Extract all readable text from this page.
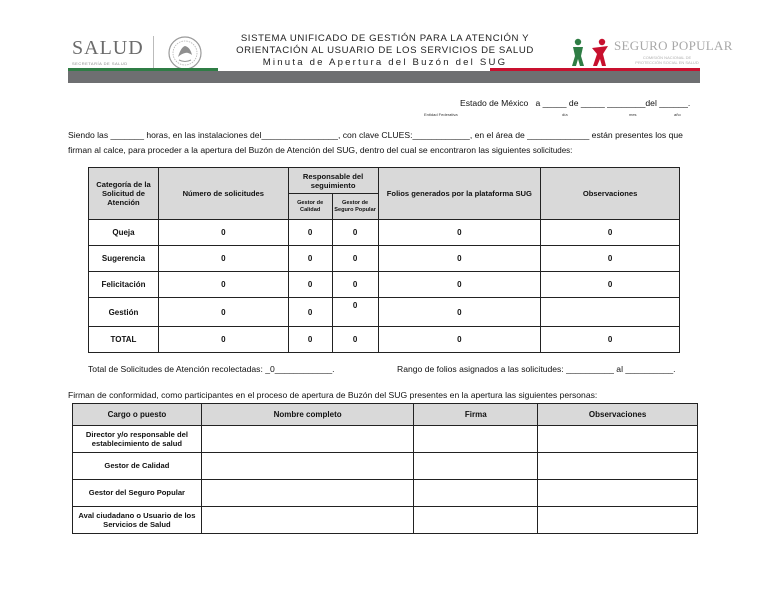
SALUD
SECRETARÍA DE SALUD
SISTEMA UNIFICADO DE GESTIÓN PARA LA ATENCIÓN Y
ORIENTACIÓN AL USUARIO DE LOS SERVICIOS DE SALUD
Minuta de Apertura del Buzón del SUG
SEGURO POPULAR
COMISIÓN NACIONAL DE PROTECCIÓN SOCIAL EN SALUD
Estado de México a _____ de _____ ________del ______.
Entidad Federativa	día	mes	año
Siendo las _______ horas, en las instalaciones del________________, con clave CLUES:____________, en el área de _____________ están presentes los que
firman al calce, para proceder a la apertura del Buzón de Atención del SUG, dentro del cual se encontraron las siguientes solicitudes:
Categoría de la Solicitud de Atención	Número de solicitudes	Responsable del seguimiento		Folios generados por la plataforma SUG	Observaciones
		Gestor de Calidad	Gestor de Seguro Popular		
Queja	0	0	0	0	0
Sugerencia	0	0	0	0	0
Felicitación	0	0	0	0	0
Gestión	0	0	0	0	
TOTAL	0	0	0	0	0
Total de Solicitudes de Atención recolectadas: _0____________.	Rango de folios asignados a las solicitudes: __________ al __________.
Firman de conformidad, como participantes en el proceso de apertura de Buzón del SUG presentes en la apertura las siguientes personas:
Cargo o puesto	Nombre completo	Firma	Observaciones
Director y/o responsable del establecimiento de salud			
Gestor de Calidad			
Gestor del Seguro Popular			
Aval ciudadano o Usuario de los Servicios de Salud			
